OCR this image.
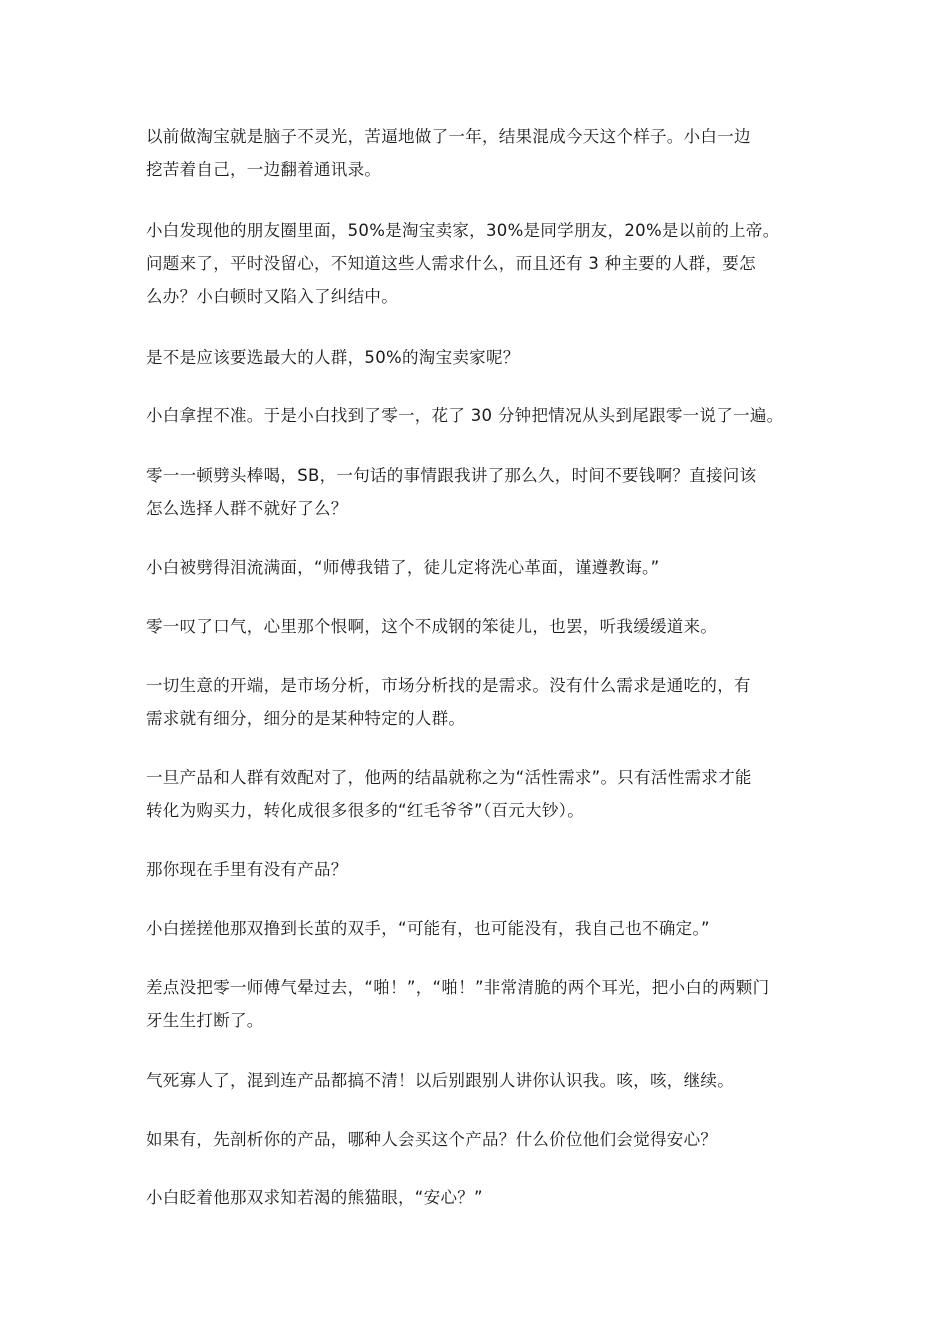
以前做淘宝就是脑子不灵光，苦逼地做了一年，结果混成今天这个样子。小白一边
挖苦着自己，一边翻着通讯录。

小白发现他的朋友圈里面，50%是淘宝卖家，30%是同学朋友，20%是以前的上帝。
问题来了，平时没留心，不知道这些人需求什么，而且还有 3 种主要的人群，要怎
么办？小白顿时又陷入了纠结中。

是不是应该要选最大的人群，50%的淘宝卖家呢？

小白拿捏不准。于是小白找到了零一，花了 30 分钟把情况从头到尾跟零一说了一遍。

零一一顿劈头棒喝，SB，一句话的事情跟我讲了那么久，时间不要钱啊？直接问该
怎么选择人群不就好了么？

小白被劈得泪流满面，“师傅我错了，徒儿定将洗心革面，谨遵教诲。”

零一叹了口气，心里那个恨啊，这个不成钢的笨徒儿，也罢，听我缓缓道来。

一切生意的开端，是市场分析，市场分析找的是需求。没有什么需求是通吃的，有
需求就有细分，细分的是某种特定的人群。

一旦产品和人群有效配对了，他两的结晶就称之为“活性需求”。只有活性需求才能
转化为购买力，转化成很多很多的“红毛爷爷”（百元大钞）。

那你现在手里有没有产品？

小白搓搓他那双撸到长茧的双手，“可能有，也可能没有，我自己也不确定。”

差点没把零一师傅气晕过去，“啪！”，“啪！”非常清脆的两个耳光，把小白的两颗门
牙生生打断了。

气死寡人了，混到连产品都搞不清！以后别跟别人讲你认识我。咳，咳，继续。

如果有，先剖析你的产品，哪种人会买这个产品？什么价位他们会觉得安心？

小白眨着他那双求知若渴的熊猫眼，“安心？”
